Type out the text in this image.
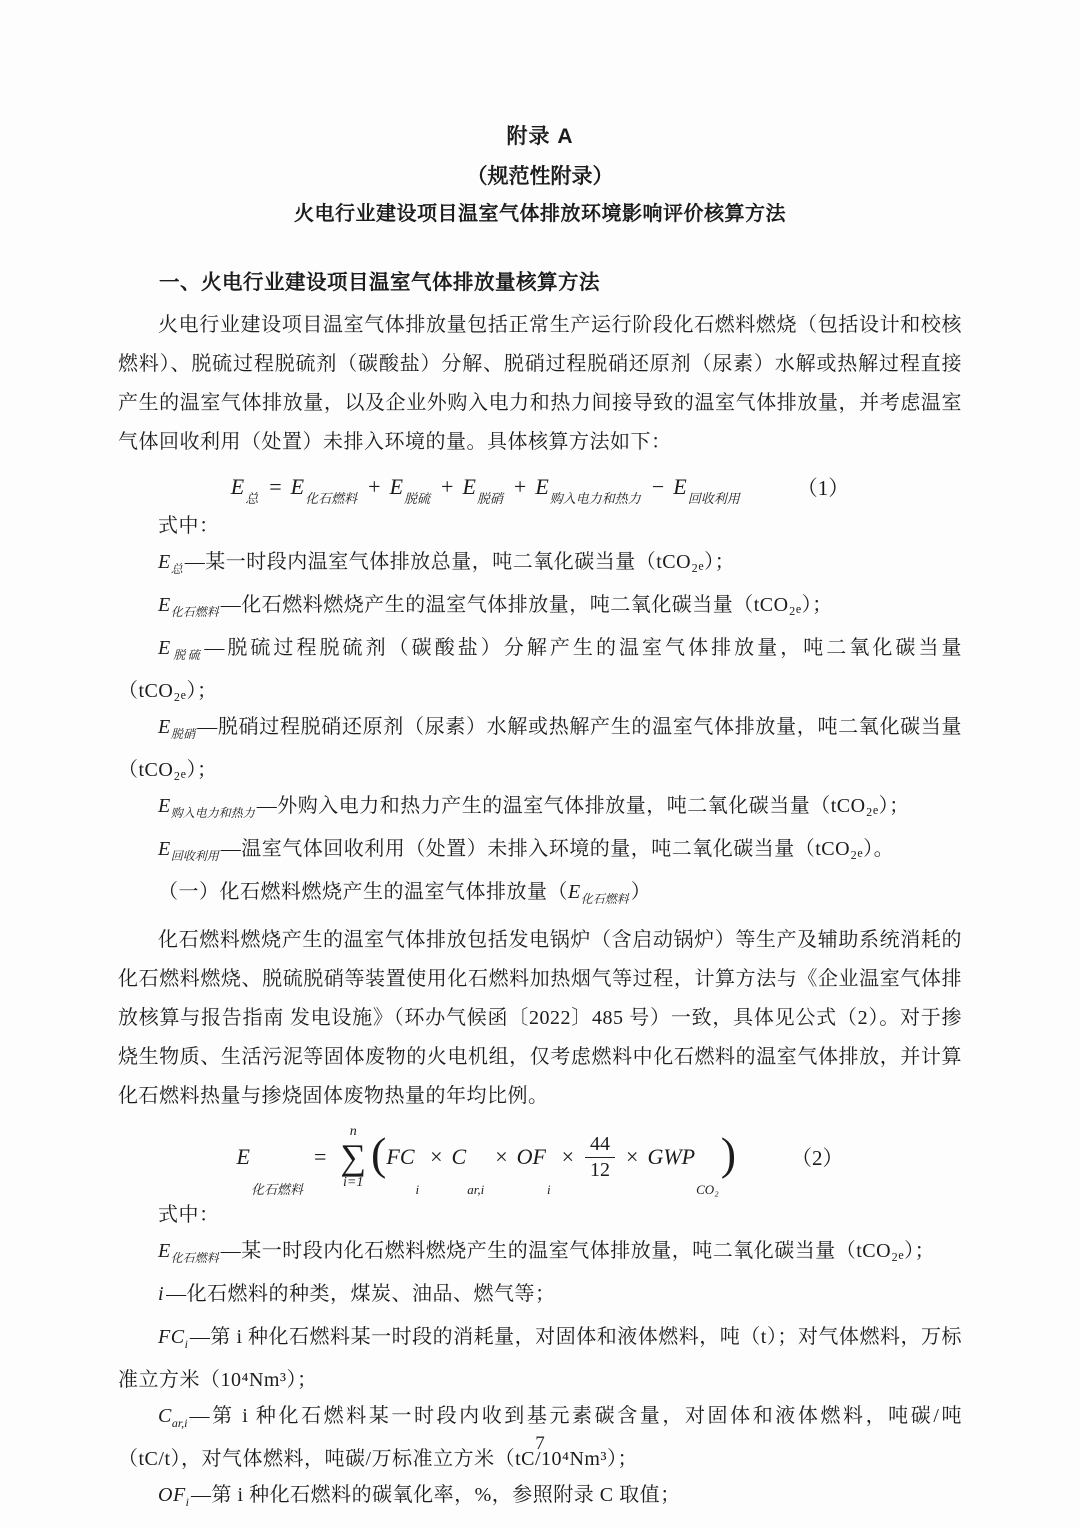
附录 A

（规范性附录）

火电行业建设项目温室气体排放环境影响评价核算方法

一、火电行业建设项目温室气体排放量核算方法

火电行业建设项目温室气体排放量包括正常生产运行阶段化石燃料燃烧（包括设计和校核燃料）、脱硫过程脱硫剂（碳酸盐）分解、脱硝过程脱硝还原剂（尿素）水解或热解过程直接产生的温室气体排放量，以及企业外购入电力和热力间接导致的温室气体排放量，并考虑温室气体回收利用（处置）未排入环境的量。具体核算方法如下：

E 总 = E 化石燃料 + E 脱硫 + E 脱硝 + E 购入电力和热力 − E 回收利用	（1）

式中：

$E_总$ —某一时段内温室气体排放总量，吨二氧化碳当量（tCO₂ₑ）；

$E_{化石燃料}$ —化石燃料燃烧产生的温室气体排放量，吨二氧化碳当量（tCO₂ₑ）；

$E_{脱硫}$ —脱硫过程脱硫剂（碳酸盐）分解产生的温室气体排放量，吨二氧化碳当量（tCO₂ₑ）；

$E_{脱硝}$ —脱硝过程脱硝还原剂（尿素）水解或热解产生的温室气体排放量，吨二氧化碳当量（tCO₂ₑ）；

$E_{购入电力和热力}$ —外购入电力和热力产生的温室气体排放量，吨二氧化碳当量（tCO₂ₑ）；

$E_{回收利用}$ —温室气体回收利用（处置）未排入环境的量，吨二氧化碳当量（tCO₂ₑ）。

（一）化石燃料燃烧产生的温室气体排放量（$E_{化石燃料}$ ）

化石燃料燃烧产生的温室气体排放包括发电锅炉（含启动锅炉）等生产及辅助系统消耗的化石燃料燃烧、脱硫脱硝等装置使用化石燃料加热烟气等过程，计算方法与《企业温室气体排放核算与报告指南 发电设施》（环办气候函〔2022〕485 号）一致，具体见公式（2）。对于掺烧生物质、生活污泥等固体废物的火电机组，仅考虑燃料中化石燃料的温室气体排放，并计算化石燃料热量与掺烧固体废物热量的年均比例。

E
化石燃料
=
n
∑
i=1
( FC
i
× C
ar,i
× OF
i
× $\frac{44}{12}$ × GWP
CO₂
)	（2）

式中：

$E_{化石燃料}$ —某一时段内化石燃料燃烧产生的温室气体排放量，吨二氧化碳当量（tCO₂ₑ）；

i —化石燃料的种类，煤炭、油品、燃气等；

$FC_i$ —第 i 种化石燃料某一时段的消耗量，对固体和液体燃料，吨（t）；对气体燃料，万标准立方米（10⁴Nm³）；

$C_{ar,i}$ —第 i 种化石燃料某一时段内收到基元素碳含量，对固体和液体燃料，吨碳/吨（tC/t），对气体燃料，吨碳/万标准立方米（tC/10⁴Nm³）；

$OF_i$ —第 i 种化石燃料的碳氧化率，%，参照附录 C 取值；

7
